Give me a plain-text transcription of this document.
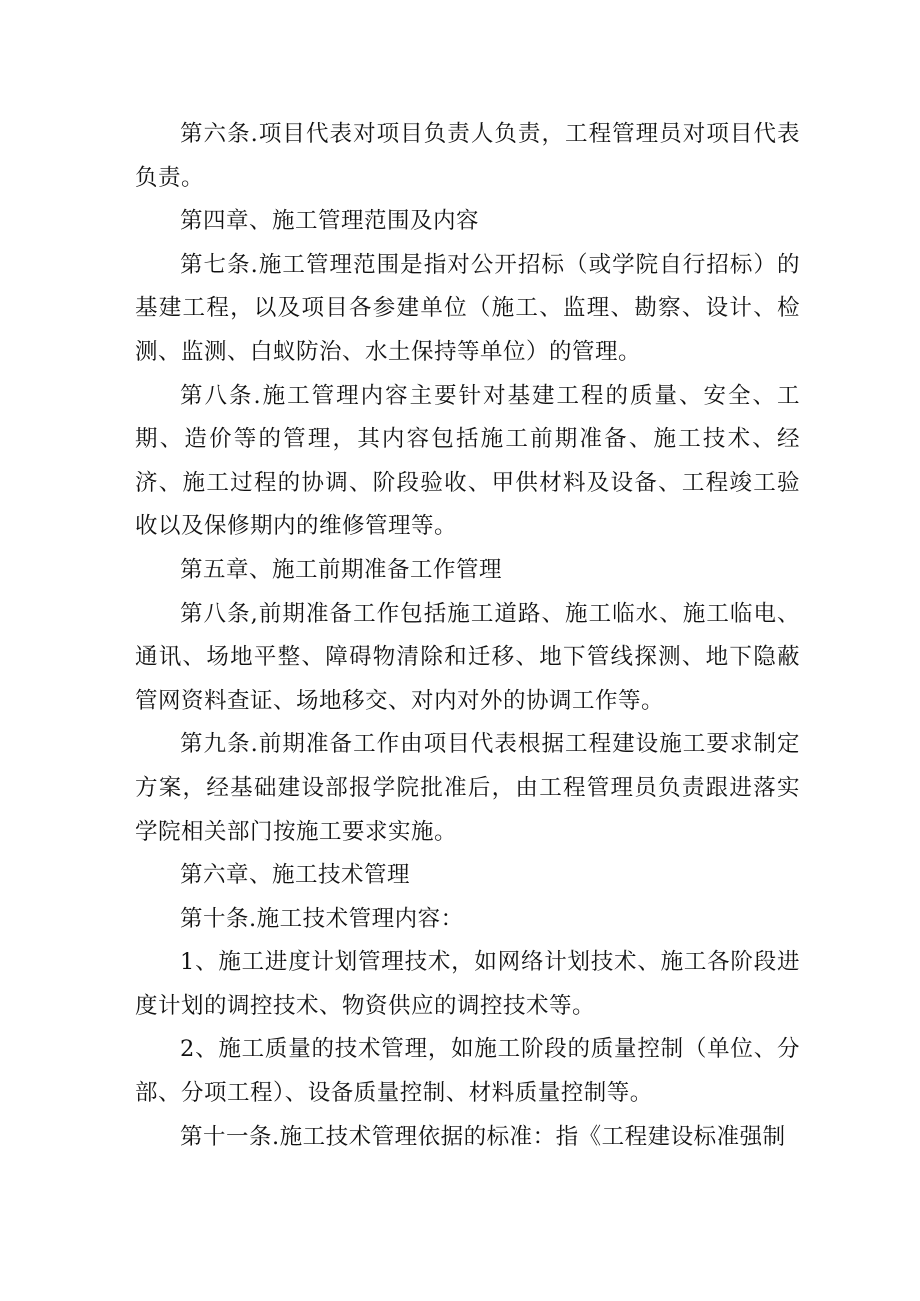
第六条.项目代表对项目负责人负责，工程管理员对项目代表负责。

第四章、施工管理范围及内容

第七条.施工管理范围是指对公开招标（或学院自行招标）的基建工程，以及项目各参建单位（施工、监理、勘察、设计、检测、监测、白蚁防治、水土保持等单位）的管理。

第八条.施工管理内容主要针对基建工程的质量、安全、工期、造价等的管理，其内容包括施工前期准备、施工技术、经济、施工过程的协调、阶段验收、甲供材料及设备、工程竣工验收以及保修期内的维修管理等。

第五章、施工前期准备工作管理

第八条,前期准备工作包括施工道路、施工临水、施工临电、通讯、场地平整、障碍物清除和迁移、地下管线探测、地下隐蔽管网资料查证、场地移交、对内对外的协调工作等。

第九条.前期准备工作由项目代表根据工程建设施工要求制定方案，经基础建设部报学院批准后，由工程管理员负责跟进落实学院相关部门按施工要求实施。

第六章、施工技术管理

第十条.施工技术管理内容：

1、施工进度计划管理技术，如网络计划技术、施工各阶段进度计划的调控技术、物资供应的调控技术等。

2、施工质量的技术管理，如施工阶段的质量控制（单位、分部、分项工程）、设备质量控制、材料质量控制等。

第十一条.施工技术管理依据的标准：指《工程建设标准强制
